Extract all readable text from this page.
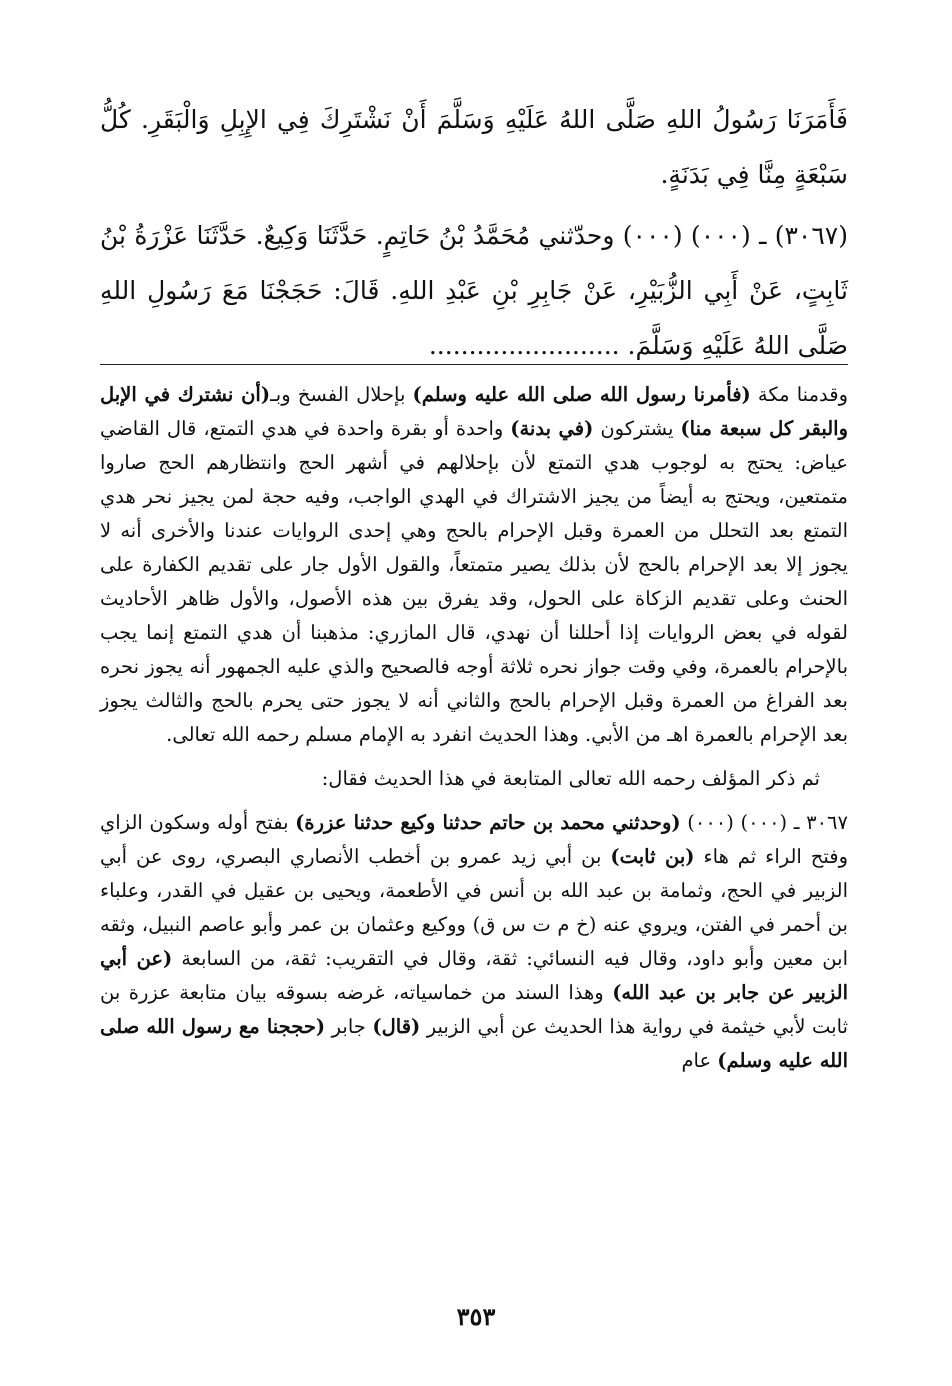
فَأَمَرَنَا رَسُولُ اللهِ صَلَّى اللهُ عَلَيْهِ وَسَلَّمَ أَنْ نَشْتَرِكَ فِي الإِبِلِ وَالْبَقَرِ. كُلُّ سَبْعَةٍ مِنَّا فِي بَدَنَةٍ.

(٣٠٦٧) ـ (٠٠٠) (٠٠٠) وحدّثني مُحَمَّدُ بْنُ حَاتِمٍ. حَدَّثَنَا وَكِيعٌ. حَدَّثَنَا عَزْرَةُ بْنُ ثَابِتٍ، عَنْ أَبِي الزُّبَيْرِ، عَنْ جَابِرِ بْنِ عَبْدِ اللهِ. قَالَ: حَجَجْنَا مَعَ رَسُولِ اللهِ صَلَّى اللهُ عَلَيْهِ وَسَلَّمَ. ........................

وقدمنا مكة (فأمرنا رسول الله صلى الله عليه وسلم) بإحلال الفسخ وبـ(أن نشترك في الإبل والبقر كل سبعة منا) يشتركون (في بدنة) واحدة أو بقرة واحدة في هدي التمتع، قال القاضي عياض: يحتج به لوجوب هدي التمتع لأن بإحلالهم في أشهر الحج وانتظارهم الحج صاروا متمتعين، ويحتج به أيضاً من يجيز الاشتراك في الهدي الواجب، وفيه حجة لمن يجيز نحر هدي التمتع بعد التحلل من العمرة وقبل الإحرام بالحج وهي إحدى الروايات عندنا والأخرى أنه لا يجوز إلا بعد الإحرام بالحج لأن بذلك يصير متمتعاً، والقول الأول جار على تقديم الكفارة على الحنث وعلى تقديم الزكاة على الحول، وقد يفرق بين هذه الأصول، والأول ظاهر الأحاديث لقوله في بعض الروايات إذا أحللنا أن نهدي، قال المازري: مذهبنا أن هدي التمتع إنما يجب بالإحرام بالعمرة، وفي وقت جواز نحره ثلاثة أوجه فالصحيح والذي عليه الجمهور أنه يجوز نحره بعد الفراغ من العمرة وقبل الإحرام بالحج والثاني أنه لا يجوز حتى يحرم بالحج والثالث يجوز بعد الإحرام بالعمرة اهـ من الأبي. وهذا الحديث انفرد به الإمام مسلم رحمه الله تعالى.

ثم ذكر المؤلف رحمه الله تعالى المتابعة في هذا الحديث فقال:

٣٠٦٧ ـ (٠٠٠) (٠٠٠) (وحدثني محمد بن حاتم حدثنا وكيع حدثنا عزرة) بفتح أوله وسكون الزاي وفتح الراء ثم هاء (بن ثابت) بن أبي زيد عمرو بن أخطب الأنصاري البصري، روى عن أبي الزبير في الحج، وثمامة بن عبد الله بن أنس في الأطعمة، ويحيى بن عقيل في القدر، وعلباء بن أحمر في الفتن، ويروي عنه (خ م ت س ق) ووكيع وعثمان بن عمر وأبو عاصم النبيل، وثقه ابن معين وأبو داود، وقال فيه النسائي: ثقة، وقال في التقريب: ثقة، من السابعة (عن أبي الزبير عن جابر بن عبد الله) وهذا السند من خماسياته، غرضه بسوقه بيان متابعة عزرة بن ثابت لأبي خيثمة في رواية هذا الحديث عن أبي الزبير (قال) جابر (حججنا مع رسول الله صلى الله عليه وسلم) عام

٣٥٣
